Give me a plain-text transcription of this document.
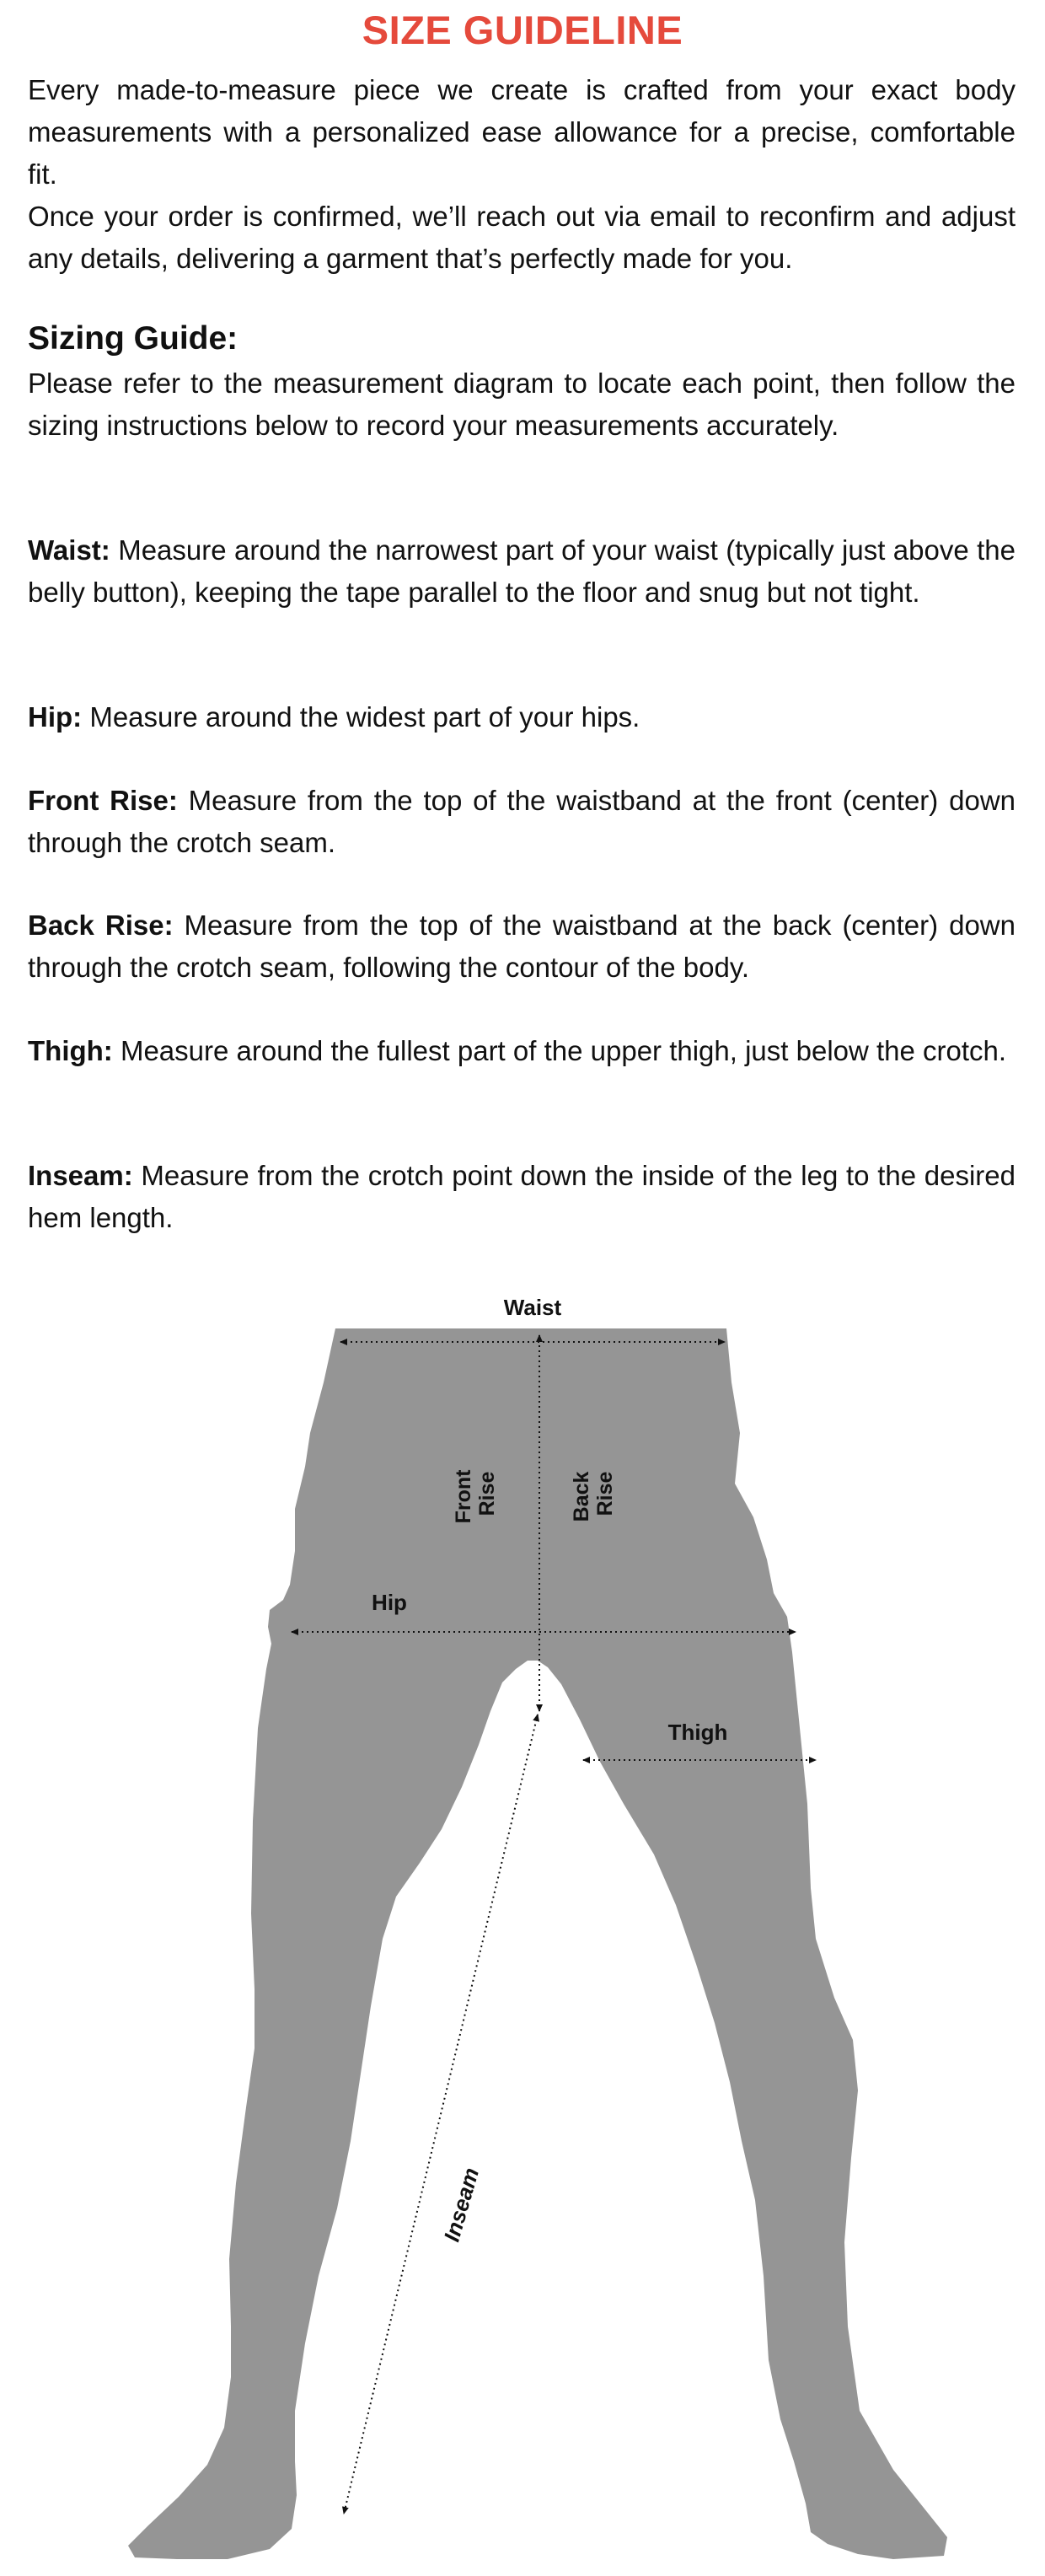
SIZE GUIDELINE

Every made-to-measure piece we create is crafted from your exact body measurements with a personalized ease allowance for a precise, comfortable fit.

Once your order is confirmed, we’ll reach out via email to reconfirm and adjust any details, delivering a garment that’s perfectly made for you.

Sizing Guide:
Please refer to the measurement diagram to locate each point, then follow the sizing instructions below to record your measurements accurately.
Waist: Measure around the narrowest part of your waist (typically just above the belly button), keeping the tape parallel to the floor and snug but not tight.
Hip: Measure around the widest part of your hips.
Front Rise: Measure from the top of the waistband at the front (center) down through the crotch seam.
Back Rise: Measure from the top of the waistband at the back (center) down through the crotch seam, following the contour of the body.
Thigh: Measure around the fullest part of the upper thigh, just below the crotch.
Inseam: Measure from the crotch point down the inside of the leg to the desired hem length.
Waist
Front Rise	Back Rise
Hip
Thigh
Inseam
